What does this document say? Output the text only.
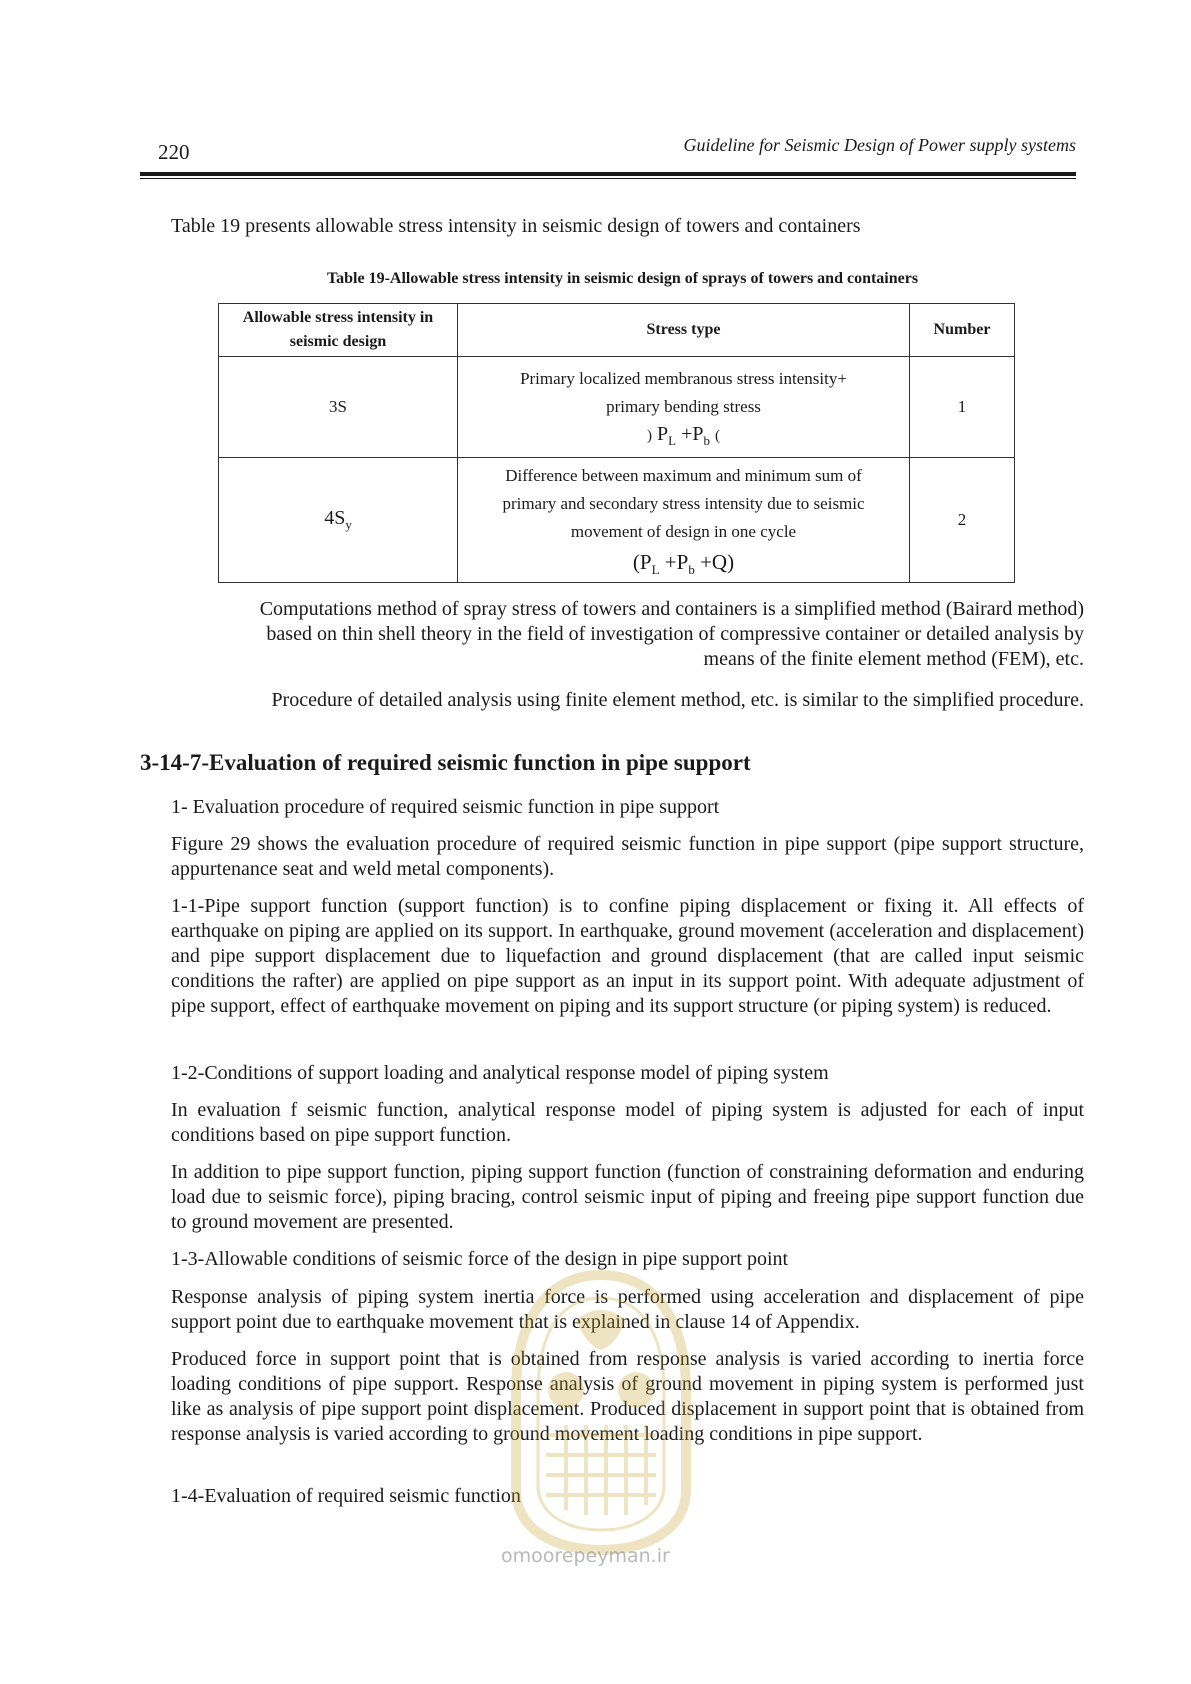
220	Guideline for Seismic Design of Power supply systems
Table 19 presents allowable stress intensity in seismic design of towers and containers
Table 19-Allowable stress intensity in seismic design of sprays of towers and containers
Allowable stress intensity in
seismic design	Stress type	Number
3S	Primary localized membranous stress intensity+
primary bending stress
) $P_L +P_b$ (	1
$4S_y$	Difference between maximum and minimum sum of
primary and secondary stress intensity due to seismic
movement of design in one cycle
$(P_L +P_b +Q)$	2
Computations method of spray stress of towers and containers is a simplified method (Bairard method)
based on thin shell theory in the field of investigation of compressive container or detailed analysis by
means of the finite element method (FEM), etc.
Procedure of detailed analysis using finite element method, etc. is similar to the simplified procedure.
3-14-7-Evaluation of required seismic function in pipe support
1- Evaluation procedure of required seismic function in pipe support
Figure 29 shows the evaluation procedure of required seismic function in pipe support (pipe support structure, appurtenance seat and weld metal components).
1-1-Pipe support function (support function) is to confine piping displacement or fixing it. All effects of earthquake on piping are applied on its support. In earthquake, ground movement (acceleration and displacement) and pipe support displacement due to liquefaction and ground displacement (that are called input seismic conditions the rafter) are applied on pipe support as an input in its support point. With adequate adjustment of pipe support, effect of earthquake movement on piping and its support structure (or piping system) is reduced.
1-2-Conditions of support loading and analytical response model of piping system
In evaluation f seismic function, analytical response model of piping system is adjusted for each of input conditions based on pipe support function.
In addition to pipe support function, piping support function (function of constraining deformation and enduring load due to seismic force), piping bracing, control seismic input of piping and freeing pipe support function due to ground movement are presented.
1-3-Allowable conditions of seismic force of the design in pipe support point
Response analysis of piping system inertia force is performed using acceleration and displacement of pipe support point due to earthquake movement that is explained in clause 14 of Appendix.
Produced force in support point that is obtained from response analysis is varied according to inertia force loading conditions of pipe support. Response analysis of ground movement in piping system is performed just like as analysis of pipe support point displacement. Produced displacement in support point that is obtained from response analysis is varied according to ground movement loading conditions in pipe support.
1-4-Evaluation of required seismic function
omoorepeyman.ir
